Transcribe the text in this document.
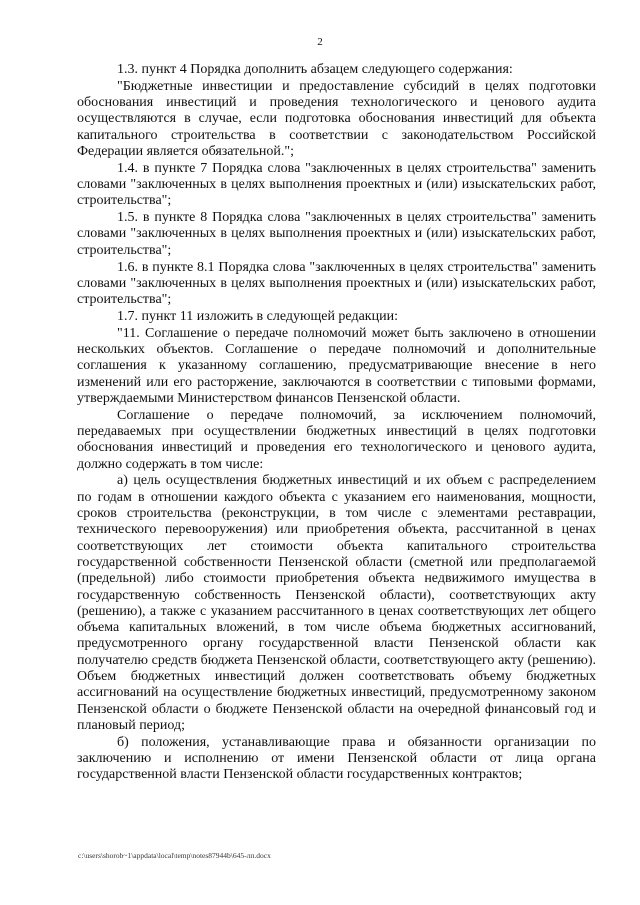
2

1.3. пункт 4 Порядка дополнить абзацем следующего содержания:

"Бюджетные инвестиции и предоставление субсидий в целях подготовки обоснования инвестиций и проведения технологического и ценового аудита осуществляются в случае, если подготовка обоснования инвестиций для объекта капитального строительства в соответствии с законодательством Российской Федерации является обязательной.";

1.4. в пункте 7 Порядка слова "заключенных в целях строительства" заменить словами "заключенных в целях выполнения проектных и (или) изыскательских работ, строительства";

1.5. в пункте 8 Порядка слова "заключенных в целях строительства" заменить словами "заключенных в целях выполнения проектных и (или) изыскательских работ, строительства";

1.6. в пункте 8.1 Порядка слова "заключенных в целях строительства" заменить словами "заключенных в целях выполнения проектных и (или) изыскательских работ, строительства";

1.7. пункт 11 изложить в следующей редакции:

"11. Соглашение о передаче полномочий может быть заключено в отношении нескольких объектов. Соглашение о передаче полномочий и дополнительные соглашения к указанному соглашению, предусматривающие внесение в него изменений или его расторжение, заключаются в соответствии с типовыми формами, утверждаемыми Министерством финансов Пензенской области.

Соглашение о передаче полномочий, за исключением полномочий, передаваемых при осуществлении бюджетных инвестиций в целях подготовки обоснования инвестиций и проведения его технологического и ценового аудита, должно содержать в том числе:

а) цель осуществления бюджетных инвестиций и их объем с распределением по годам в отношении каждого объекта с указанием его наименования, мощности, сроков строительства (реконструкции, в том числе с элементами реставрации, технического перевооружения) или приобретения объекта, рассчитанной в ценах соответствующих лет стоимости объекта капитального строительства государственной собственности Пензенской области (сметной или предполагаемой (предельной) либо стоимости приобретения объекта недвижимого имущества в государственную собственность Пензенской области), соответствующих акту (решению), а также с указанием рассчитанного в ценах соответствующих лет общего объема капитальных вложений, в том числе объема бюджетных ассигнований, предусмотренного органу государственной власти Пензенской области как получателю средств бюджета Пензенской области, соответствующего акту (решению). Объем бюджетных инвестиций должен соответствовать объему бюджетных ассигнований на осуществление бюджетных инвестиций, предусмотренному законом Пензенской области о бюджете Пензенской области на очередной финансовый год и плановый период;

б) положения, устанавливающие права и обязанности организации по заключению и исполнению от имени Пензенской области от лица органа государственной власти Пензенской области государственных контрактов;

c:\users\shorob~1\appdata\local\temp\notes87944b\645-лп.docx
